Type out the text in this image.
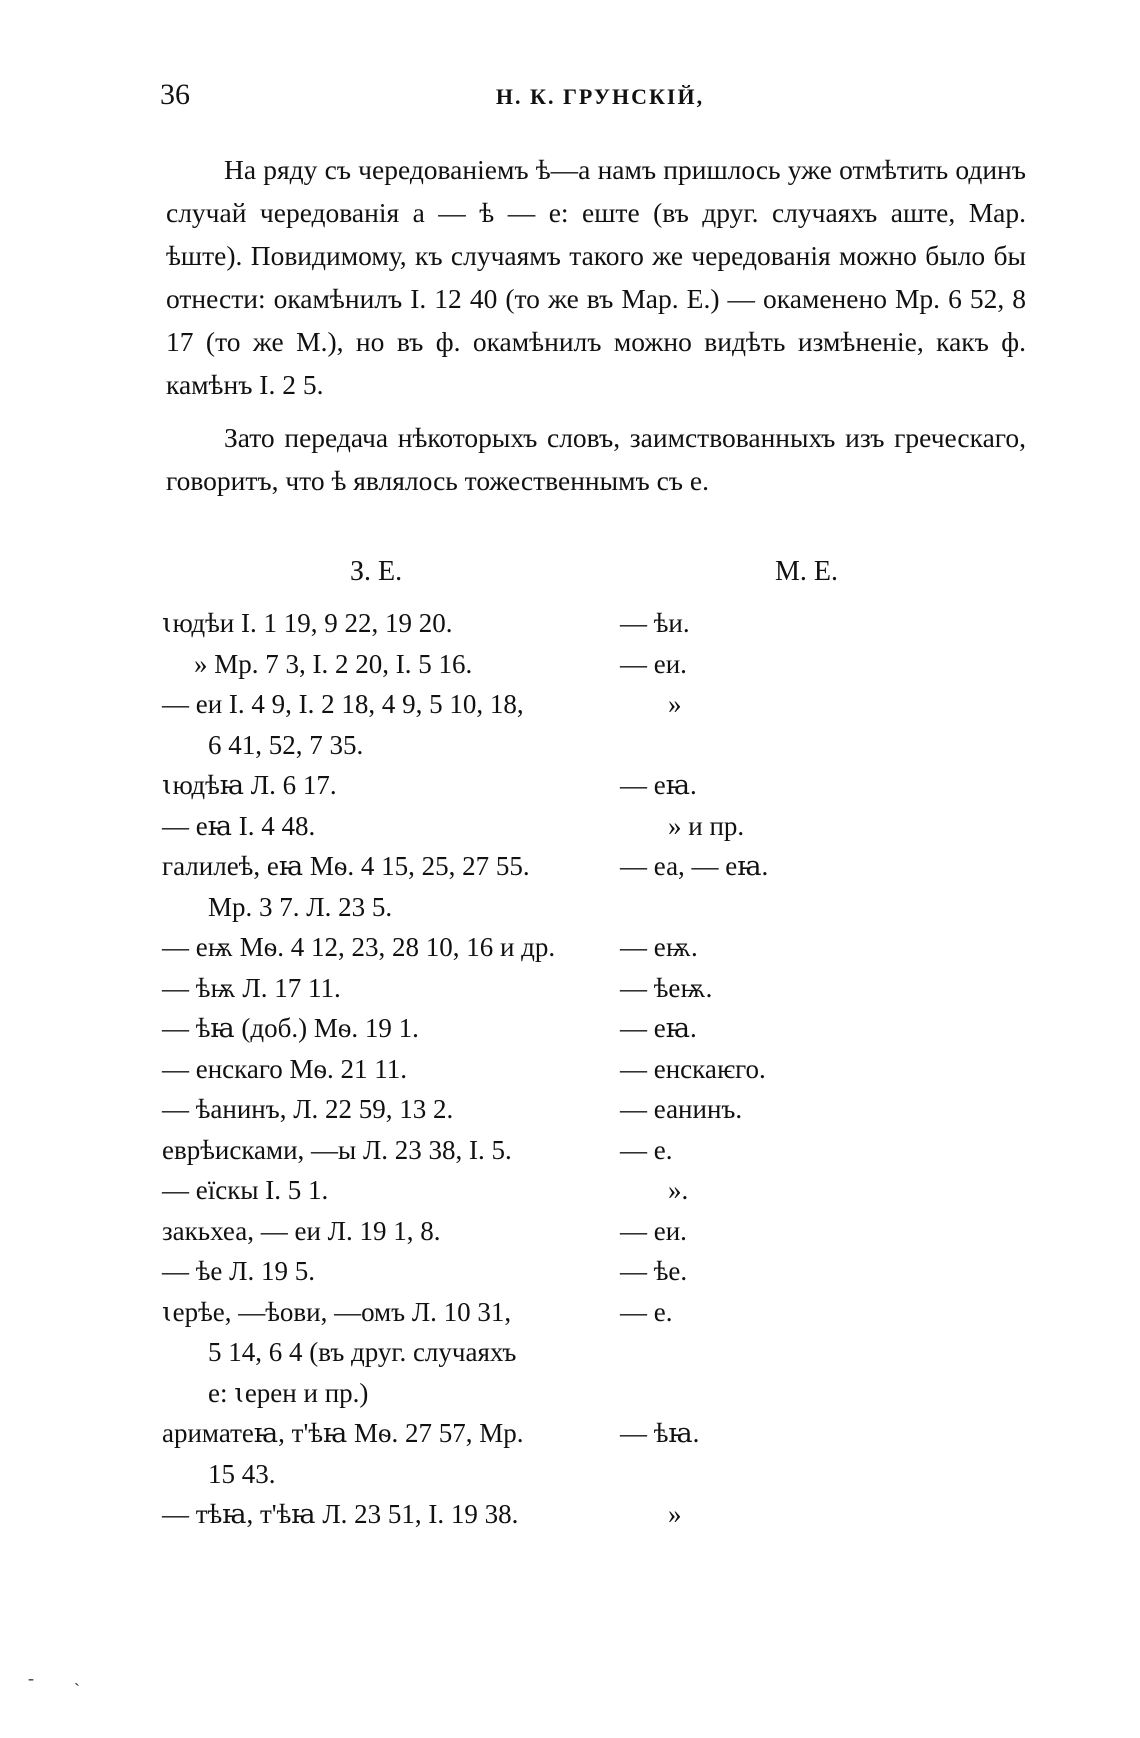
36	Н. К. ГРУНСКІЙ,

На ряду съ чередованіемъ ѣ—а намъ пришлось уже отмѣтить одинъ случай чередованія а — ѣ — е: еште (въ друг. случаяхъ аште, Мар. ѣште). Повидимому, къ случаямъ такого же чередованія можно было бы отнести: окамѣнилъ I. 12 40 (то же въ Мар. Е.) — окаменено Мр. 6 52, 8 17 (то же М.), но въ ф. окамѣнилъ можно видѣть измѣненіе, какъ ф. камѣнъ I. 2 5.

Зато передача нѣкоторыхъ словъ, заимствованныхъ изъ греческаго, говоритъ, что ѣ являлось тожественнымъ съ е.

З. Е.	М. Е.
ꙇюдѣи I. 1 19, 9 22, 19 20.	— ѣи.
» Мр. 7 3, I. 2 20, I. 5 16.	— еи.
— еи I. 4 9, I. 2 18, 4 9, 5 10, 18,	»
6 41, 52, 7 35.
ꙇюдѣꙗ Л. 6 17.	— еꙗ.
— еꙗ I. 4 48.	» и пр.
галилеѣ, еꙗ Мѳ. 4 15, 25, 27 55.	— еа, — еꙗ.
Мр. 3 7. Л. 23 5.
— еѭ Мѳ. 4 12, 23, 28 10, 16 и др. — еѭ.
— ѣѭ Л. 17 11.	— ѣеѭ.
— ѣꙗ (доб.) Мѳ. 19 1.	— еꙗ.
— енскаго Мѳ. 21 11.	— енскаѥго.
— ѣанинъ, Л. 22 59, 13 2.	— еанинъ.
еврѣисками, —ы Л. 23 38, I. 5.	— е.
— еїскы I. 5 1.	».
закьхеа, — еи Л. 19 1, 8.	— еи.
— ѣе Л. 19 5.	— ѣе.
ꙇерѣе, —ѣови, —омъ Л. 10 31,	— е.
5 14, 6 4 (въ друг. случаяхъ
е: ꙇерен и пр.)
ариматеꙗ, т'ѣꙗ Мѳ. 27 57, Мр.	— ѣꙗ.
15 43.
— тѣꙗ, т'ѣꙗ Л. 23 51, I. 19 38.	»
-
`
